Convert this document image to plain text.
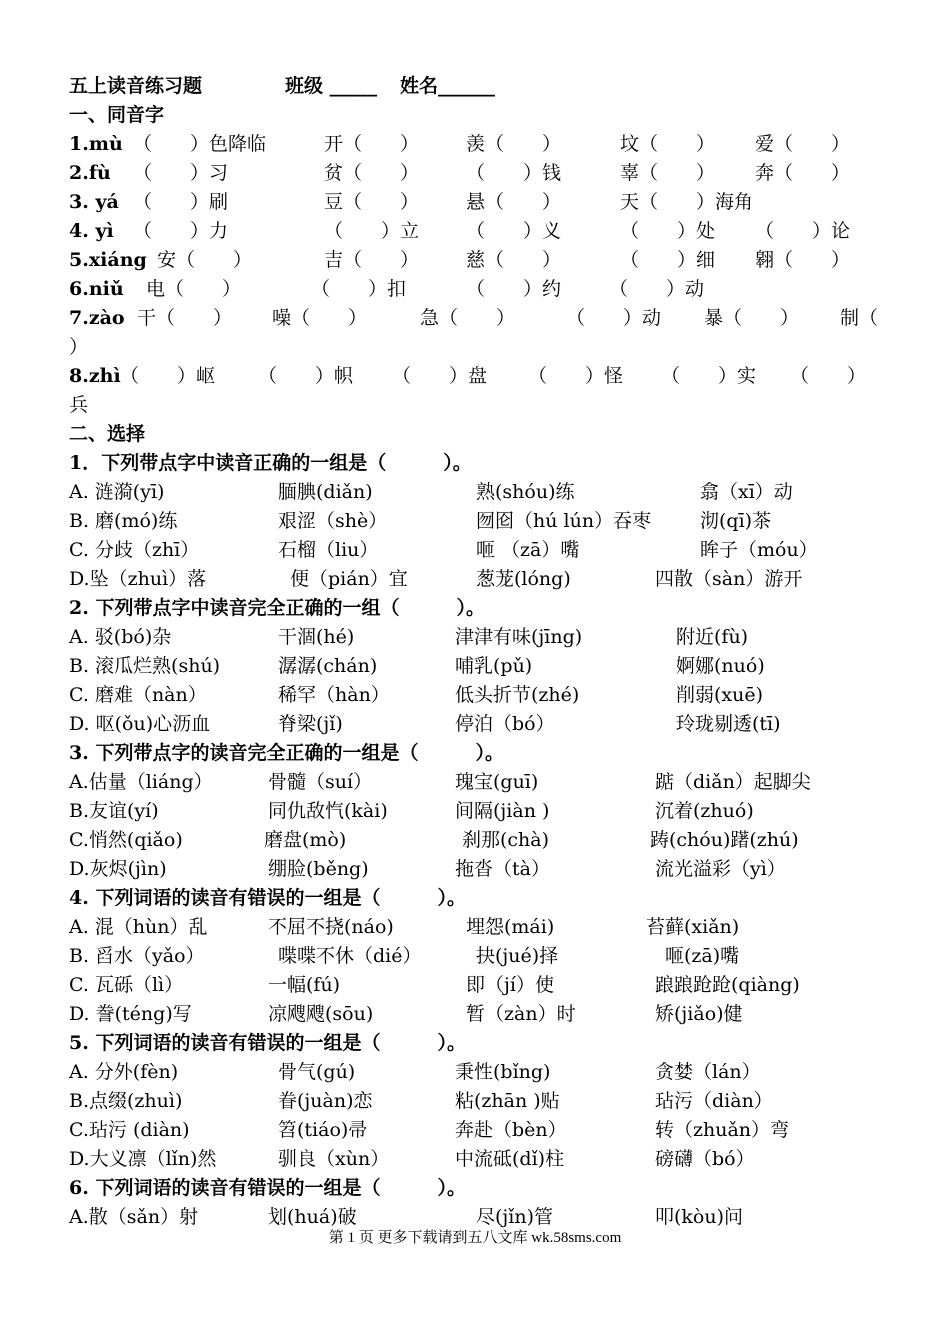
五上读音练习题	班级 _____ 姓名______
一、同音字
1.mù （　　）色降临	开（　　） 羡（　　）	坟（　　） 爱（　　）
2.fù （　　）习	贫（　　） （　　）钱	辜（　　） 奔（　　）
3. yá （　　）刷	豆（　　） 悬（　　）	天（　　）海角
4. yì （　　）力	（　　）立 （　　）义	（　　）处 （　　）论
5.xiáng 安（　　）	吉（　　） 慈（　　）	（　　）细 翱（　　）
6.niǔ 电（　　）	（　　）扣	（　　）约	（　　）动
7.zào 干（　　） 噪（　　）	急（　　）	（　　）动 暴（　　） 制（
）
8.zhì （　　）岖 （　　）帜 （　　）盘 （　　）怪 （　　）实 （　　）
兵
二、选择
1．下列带点字中读音正确的一组是（　　　）。
A. 涟漪(yī)	腼腆(diǎn)	熟(shóu)练	翕（xī）动
B. 磨(mó)练	艰涩（shè）	囫囵（hú lún）吞枣	沏(qī)茶
C. 分歧（zhī）	石榴（liu）	咂 （zā）嘴	眸子（móu）
D.坠（zhuì）落	便（pián）宜	葱茏(lóng)	四散（sàn）游开
2. 下列带点字中读音完全正确的一组（　　　）。
A. 驳(bó)杂	干涸(hé)	津津有味(jīng)	附近(fù)
B. 滚瓜烂熟(shú)	潺潺(chán)	哺乳(pǔ)	婀娜(nuó)
C. 磨难（nàn）	稀罕（hàn）	低头折节(zhé)	削弱(xuē)
D. 呕(ǒu)心沥血	脊梁(jǐ)	停泊（bó）	玲珑剔透(tī)
3. 下列带点字的读音完全正确的一组是（　　　）。
A.估量（liáng）	骨髓（suí）	瑰宝(guī)	踮（diǎn）起脚尖
B.友谊(yí)	同仇敌忾(kài)	间隔(jiàn )	沉着(zhuó)
C.悄然(qiǎo)	磨盘(mò)	刹那(chà)	踌(chóu)躇(zhú)
D.灰烬(jìn)	绷脸(běng)	拖沓（tà）	流光溢彩（yì）
4. 下列词语的读音有错误的一组是（　　　）。
A. 混（hùn）乱	不屈不挠(náo)	埋怨(mái)	苔藓(xiǎn)
B. 舀水（yǎo）	喋喋不休（dié）	抉(jué)择	咂(zā)嘴
C. 瓦砾（lì）	一幅(fú)	即（jí）使	踉踉跄跄(qiàng)
D. 誊(téng)写	凉飕飕(sōu)	暂（zàn）时	矫(jiǎo)健
5. 下列词语的读音有错误的一组是（　　　）。
A. 分外(fèn)	骨气(gú)	秉性(bǐng)	贪婪（lán）
B.点缀(zhuì)	眷(juàn)恋	粘(zhān )贴	玷污（diàn）
C.玷污 (diàn)	笤(tiáo)帚	奔赴（bèn）	转（zhuǎn）弯
D.大义凛（lǐn)然	驯良（xùn）	中流砥(dǐ)柱	磅礴（bó）
6. 下列词语的读音有错误的一组是（　　　）。
A.散（sǎn）射	划(huá)破	尽(jǐn)管	叩(kòu)问
第 1 页 更多下载请到五八文库 wk.58sms.com
